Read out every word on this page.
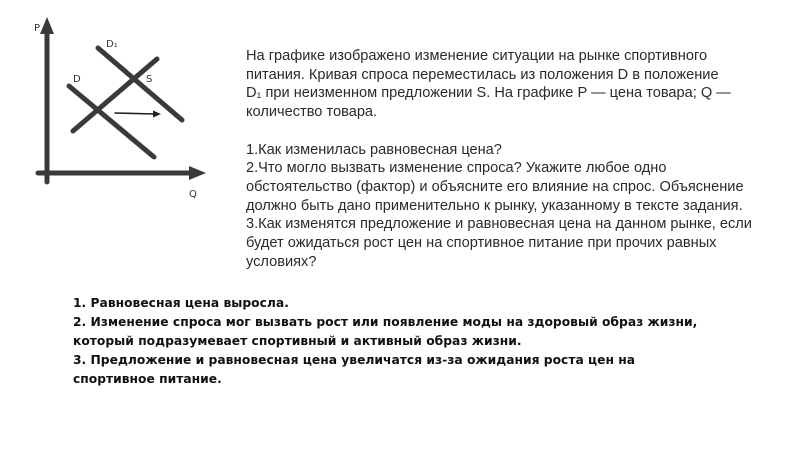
P
Q
D
D₁
S

На графике изображено изменение ситуации на рынке спортивного

питания. Кривая спроса переместилась из положения D в положение

D₁ при неизменном предложении S. На графике P — цена товара; Q —

количество товара.

1.Как изменилась равновесная цена?

2.Что могло вызвать изменение спроса? Укажите любое одно

обстоятельство (фактор) и объясните его влияние на спрос. Объяснение

должно быть дано применительно к рынку, указанному в тексте задания.

3.Как изменятся предложение и равновесная цена на данном рынке, если

будет ожидаться рост цен на спортивное питание при прочих равных

условиях?

1. Равновесная цена выросла.

2. Изменение спроса мог вызвать рост или появление моды на здоровый образ жизни,

который подразумевает спортивный и активный образ жизни.

3. Предложение и равновесная цена увеличатся из-за ожидания роста цен на

спортивное питание.
